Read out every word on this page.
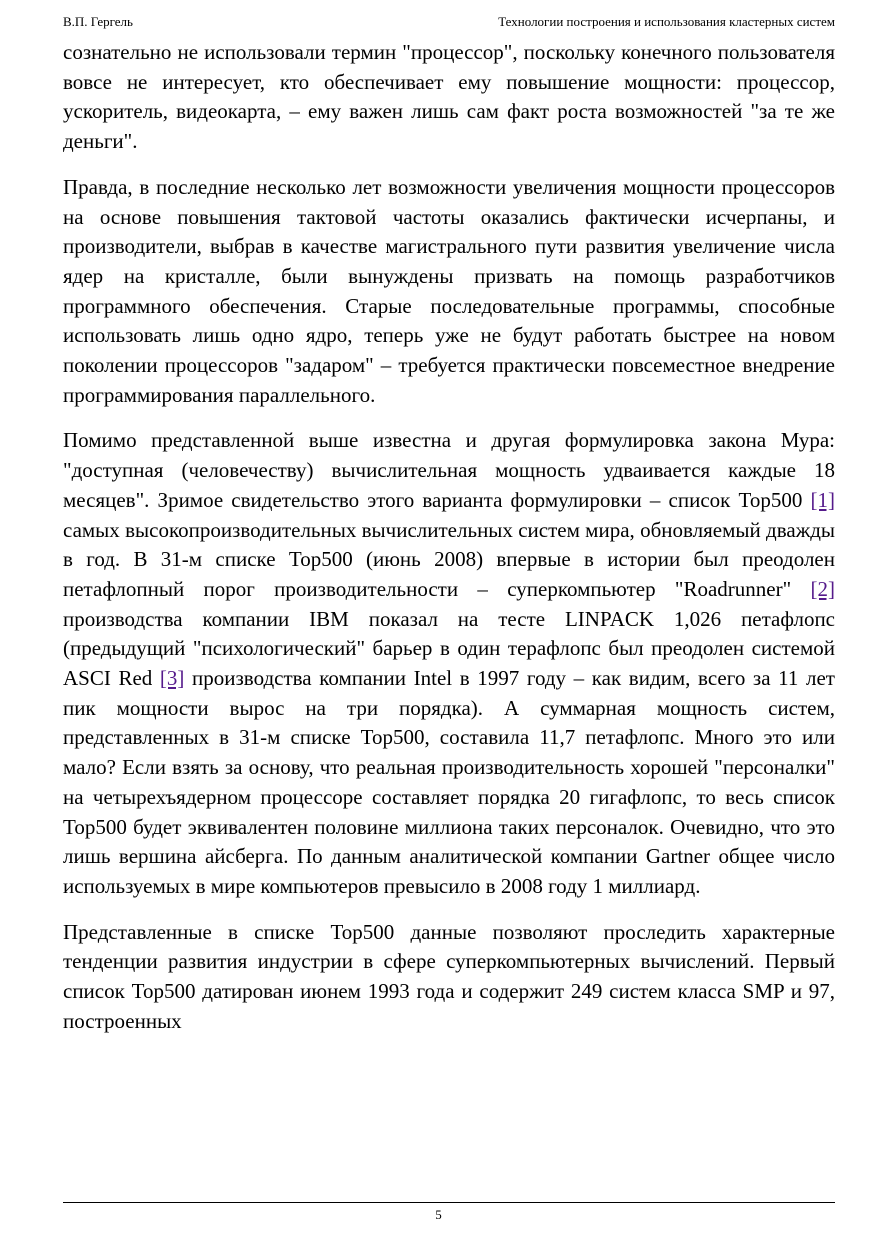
В.П. Гергель	Технологии построения и использования кластерных систем

сознательно не использовали термин "процессор", поскольку конечного пользователя вовсе не интересует, кто обеспечивает ему повышение мощности: процессор, ускоритель, видеокарта, – ему важен лишь сам факт роста возможностей "за те же деньги".

Правда, в последние несколько лет возможности увеличения мощности процессоров на основе повышения тактовой частоты оказались фактически исчерпаны, и производители, выбрав в качестве магистрального пути развития увеличение числа ядер на кристалле, были вынуждены призвать на помощь разработчиков программного обеспечения. Старые последовательные программы, способные использовать лишь одно ядро, теперь уже не будут работать быстрее на новом поколении процессоров "задаром" – требуется практически повсеместное внедрение программирования параллельного.

Помимо представленной выше известна и другая формулировка закона Мура: "доступная (человечеству) вычислительная мощность удваивается каждые 18 месяцев". Зримое свидетельство этого варианта формулировки – список Top500 [1] самых высокопроизводительных вычислительных систем мира, обновляемый дважды в год. В 31-м списке Top500 (июнь 2008) впервые в истории был преодолен петафлопный порог производительности – суперкомпьютер "Roadrunner" [2] производства компании IBM показал на тесте LINPACK 1,026 петафлопс (предыдущий "психологический" барьер в один терафлопс был преодолен системой ASCI Red [3] производства компании Intel в 1997 году – как видим, всего за 11 лет пик мощности вырос на три порядка). А суммарная мощность систем, представленных в 31-м списке Top500, составила 11,7 петафлопс. Много это или мало? Если взять за основу, что реальная производительность хорошей "персоналки" на четырехъядерном процессоре составляет порядка 20 гигафлопс, то весь список Top500 будет эквивалентен половине миллиона таких персоналок. Очевидно, что это лишь вершина айсберга. По данным аналитической компании Gartner общее число используемых в мире компьютеров превысило в 2008 году 1 миллиард.

Представленные в списке Top500 данные позволяют проследить характерные тенденции развития индустрии в сфере суперкомпьютерных вычислений. Первый список Top500 датирован июнем 1993 года и содержит 249 систем класса SMP и 97, построенных

5
